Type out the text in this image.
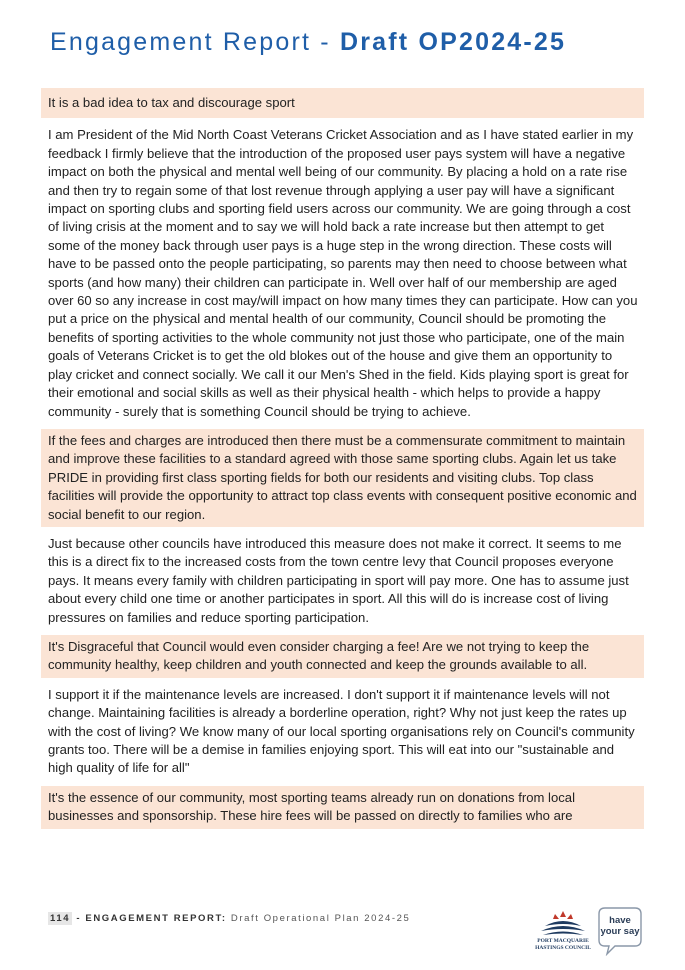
Engagement Report - Draft OP2024-25
It is a bad idea to tax and discourage sport
I am President of the Mid North Coast Veterans Cricket Association and as I have stated earlier in my feedback I firmly believe that the introduction of the proposed user pays system will have a negative impact on both the physical and mental well being of our community. By placing a hold on a rate rise and then try to regain some of that lost revenue through applying a user pay will have a significant impact on sporting clubs and sporting field users across our community. We are going through a cost of living crisis at the moment and to say we will hold back a rate increase but then attempt to get some of the money back through user pays is a huge step in the wrong direction. These costs will have to be passed onto the people participating, so parents may then need to choose between what sports (and how many) their children can participate in. Well over half of our membership are aged over 60 so any increase in cost may/will impact on how many times they can participate. How can you put a price on the physical and mental health of our community, Council should be promoting the benefits of sporting activities to the whole community not just those who participate, one of the main goals of Veterans Cricket is to get the old blokes out of the house and give them an opportunity to play cricket and connect socially. We call it our Men's Shed in the field. Kids playing sport is great for their emotional and social skills as well as their physical health - which helps to provide a happy community - surely that is something Council should be trying to achieve.
If the fees and charges are introduced then there must be a commensurate commitment to maintain and improve these facilities to a standard agreed with those same sporting clubs. Again let us take PRIDE in providing first class sporting fields for both our residents and visiting clubs. Top class facilities will provide the opportunity to attract top class events with consequent positive economic and social benefit to our region.
Just because other councils have introduced this measure does not make it correct. It seems to me this is a direct fix to the increased costs from the town centre levy that Council proposes everyone pays. It means every family with children participating in sport will pay more. One has to assume just about every child one time or another participates in sport. All this will do is increase cost of living pressures on families and reduce sporting participation.
It's Disgraceful that Council would even consider charging a fee! Are we not trying to keep the community healthy, keep children and youth connected and keep the grounds available to all.
I support it if the maintenance levels are increased. I don't support it if maintenance levels will not change. Maintaining facilities is already a borderline operation, right? Why not just keep the rates up with the cost of living? We know many of our local sporting organisations rely on Council's community grants too. There will be a demise in families enjoying sport. This will eat into our "sustainable and high quality of life for all"
It's the essence of our community, most sporting teams already run on donations from local businesses and sponsorship. These hire fees will be passed on directly to families who are
114 - ENGAGEMENT REPORT: Draft Operational Plan 2024-25
PORT MACQUARIE HASTINGS COUNCIL
have your say
